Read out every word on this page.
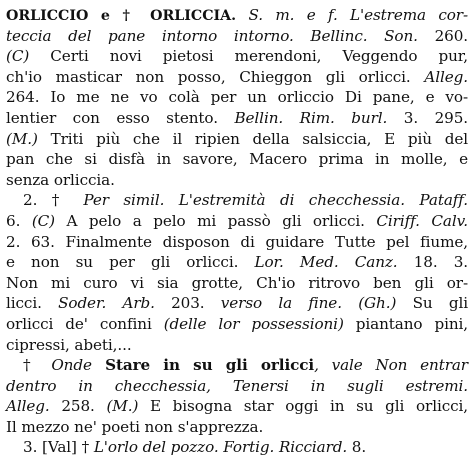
ORLICCIO e † ORLICCIA. S. m. e f. L'estrema cor-
teccia del pane intorno intorno. Bellinc. Son. 260.
(C) Certi novi pietosi merendoni, Veggendo pur,
ch'io masticar non posso, Chieggon gli orlicci. Alleg.
264. Io me ne vo colà per un orliccio Di pane, e vo-
lentier con esso stento. Bellin. Rim. burl. 3. 295.
(M.) Triti più che il ripien della salsiccia, E più del
pan che si disfà in savore, Macero prima in molle, e
senza orliccia.
2. † Per simil. L'estremità di checchessia. Pataff.
6. (C) A pelo a pelo mi passò gli orlicci. Ciriff. Calv.
2. 63. Finalmente disposon di guidare Tutte pel fiume,
e non su per gli orlicci. Lor. Med. Canz. 18. 3.
Non mi curo vi sia grotte, Ch'io ritrovo ben gli or-
licci. Soder. Arb. 203. verso la fine. (Gh.) Su gli
orlicci de' confini (delle lor possessioni) piantano pini,
cipressi, abeti,...
† Onde Stare in su gli orlicci, vale Non entrar
dentro in checchessia, Tenersi in sugli estremi.
Alleg. 258. (M.) E bisogna star oggi in su gli orlicci,
Il mezzo ne' poeti non s'apprezza.
3. [Val] † L'orlo del pozzo. Fortig. Ricciard. 8.
